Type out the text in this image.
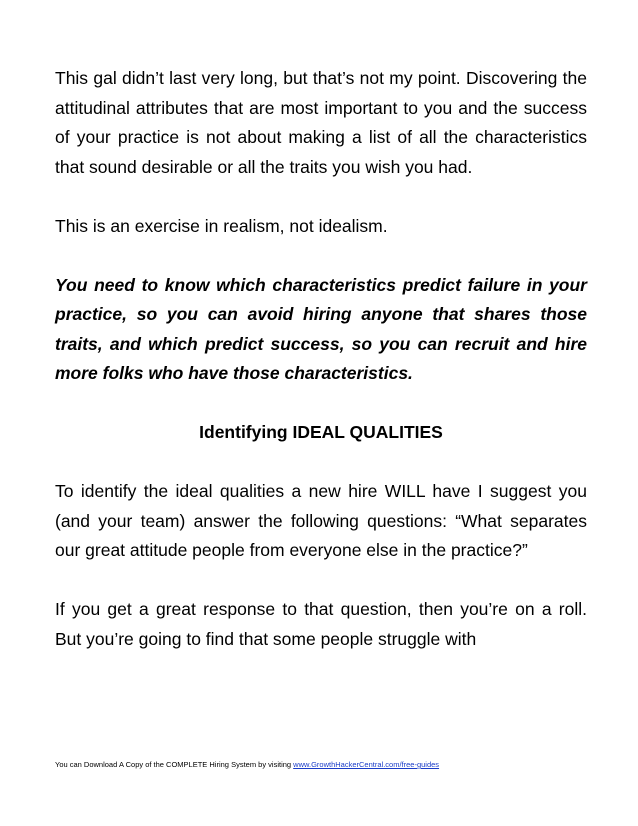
This gal didn’t last very long, but that’s not my point. Discovering the attitudinal attributes that are most important to you and the success of your practice is not about making a list of all the characteristics that sound desirable or all the traits you wish you had.

This is an exercise in realism, not idealism.

You need to know which characteristics predict failure in your practice, so you can avoid hiring anyone that shares those traits, and which predict success, so you can recruit and hire more folks who have those characteristics.

Identifying IDEAL QUALITIES

To identify the ideal qualities a new hire WILL have I suggest you (and your team) answer the following questions: “What separates our great attitude people from everyone else in the practice?”

If you get a great response to that question, then you’re on a roll. But you’re going to find that some people struggle with

You can Download A Copy of the COMPLETE Hiring System by visiting www.GrowthHackerCentral.com/free-guides
